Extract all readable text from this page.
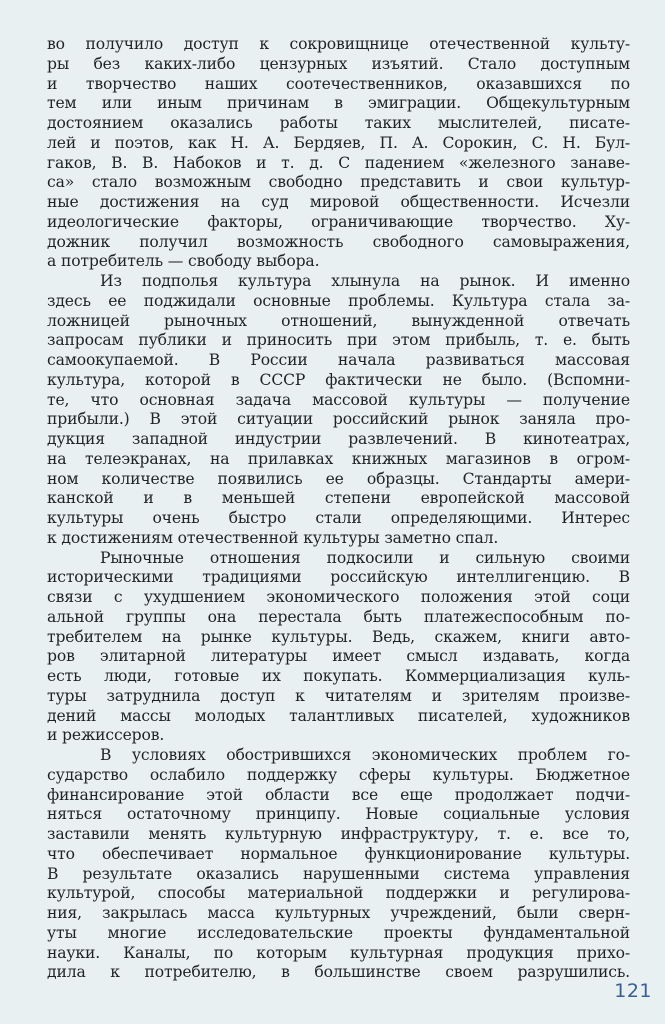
во получило доступ к сокровищнице отечественной культу-
ры без каких-либо цензурных изъятий. Стало доступным
и творчество наших соотечественников, оказавшихся по
тем или иным причинам в эмиграции. Общекультурным
достоянием оказались работы таких мыслителей, писате-
лей и поэтов, как Н. А. Бердяев, П. А. Сорокин, С. Н. Бул-
гаков, В. В. Набоков и т. д. С падением «железного занаве-
са» стало возможным свободно представить и свои культур-
ные достижения на суд мировой общественности. Исчезли
идеологические факторы, ограничивающие творчество. Ху-
дожник получил возможность свободного самовыражения,
а потребитель — свободу выбора.
Из подполья культура хлынула на рынок. И именно
здесь ее поджидали основные проблемы. Культура стала за-
ложницей рыночных отношений, вынужденной отвечать
запросам публики и приносить при этом прибыль, т. е. быть
самоокупаемой. В России начала развиваться массовая
культура, которой в СССР фактически не было. (Вспомни-
те, что основная задача массовой культуры — получение
прибыли.) В этой ситуации российский рынок заняла про-
дукция западной индустрии развлечений. В кинотеатрах,
на телеэкранах, на прилавках книжных магазинов в огром-
ном количестве появились ее образцы. Стандарты амери-
канской и в меньшей степени европейской массовой
культуры очень быстро стали определяющими. Интерес
к достижениям отечественной культуры заметно спал.
Рыночные отношения подкосили и сильную своими
историческими традициями российскую интеллигенцию. В
связи с ухудшением экономического положения этой соци
альной группы она перестала быть платежеспособным по-
требителем на рынке культуры. Ведь, скажем, книги авто-
ров элитарной литературы имеет смысл издавать, когда
есть люди, готовые их покупать. Коммерциализация куль-
туры затруднила доступ к читателям и зрителям произве-
дений массы молодых талантливых писателей, художников
и режиссеров.
В условиях обострившихся экономических проблем го-
сударство ослабило поддержку сферы культуры. Бюджетное
финансирование этой области все еще продолжает подчи-
няться остаточному принципу. Новые социальные условия
заставили менять культурную инфраструктуру, т. е. все то,
что обеспечивает нормальное функционирование культуры.
В результате оказались нарушенными система управления
культурой, способы материальной поддержки и регулирова-
ния, закрылась масса культурных учреждений, были сверн-
уты многие исследовательские проекты фундаментальной
науки. Каналы, по которым культурная продукция прихо-
дила к потребителю, в большинстве своем разрушились.
121
